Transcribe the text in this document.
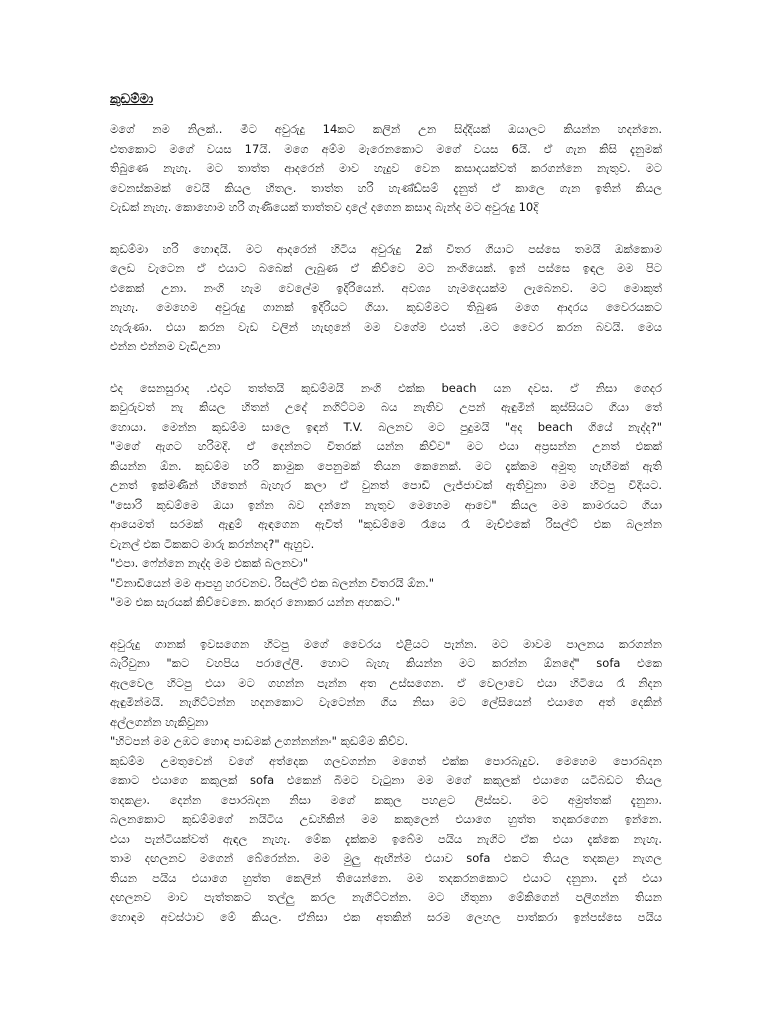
කුඩම්මා
මගේ නම නිලක්.. මීට අවුරුදු 14කට කලින් උන සිද්දියක් ඔයාලට කියන්න හදන්නෙ.
එතකොට මගේ වයස 17යි. මගෙ අම්ම මැරෙනකොට මගේ වයස 6යි. ඒ ගැන කිසි දැනුමක්
තිබුණෙ නැහැ. මට තාත්ත ආදරෙන් මාව හැදුව වෙන කසාදයක්වත් කරගන්නෙ නැතුව. මට
වෙනස්කමක් වෙයි කියල හිතල. තාත්ත හරි හැණ්ඩ්සම් දැනුත් ඒ කාලෙ ගැන ඉතින් කියල
වැඩක් නැහැ. කොහොම හරි ගෑණියෙක් තාත්තව දාලේ දගෙන කසාද බැන්ද මට අවුරුදු 10දි
කුඩම්මා හරි හොඳයි. මට ආදරෙන් හිටිය අවුරුදු 2ක් විතර ගියාට පස්සෙ තමයි ඔක්කොම
ලෙඩ වැටෙන ඒ එයාට බබෙක් ලැබුණ ඒ කිව්වෙ මට නංගියෙක්. ඉන් පස්සෙ ඉඳල මම පිට
එකෙක් උනා. නංගි හැම වෙලේම ඉදිරියෙන්. අවශ්‍ය හැමදෙයක්ම ලැබෙනව. මට මොකුත්
නැහැ. මෙහෙම අවුරුදු ගානක් ඉදිරියට ගියා. කුඩම්මට තිබුණ මගෙ ආදරය වෛරයකට
හැරුණා. එයා කරන වැඩ වලින් හැඟුනේ මම වගේම එයත් .මට වෛර කරන බවයි. මෙය
එන්න එන්නම වැඩිඋනා
එද සෙනසුරාද .එදාට තත්තයි කුඩම්මයි නංගි එක්ක beach යන දවස. ඒ නිසා ගෙදර
කවුරුවත් නැ කියල හිතන් උදේ නගිට්ටම බය නැතිව උපන් ඇඳුමින් කුස්සියට ගියා තේ
හොයා. මෙන්න කුඩම්ම සාලෙ ඉඳන් T.V. බලනව මට පුදුමයි "අද beach ගියේ නැද්ද?"
"මගේ ඇගට හරිමදි. ඒ දෙන්නට විතරක් යන්න කිව්ව" මට එයා අප්‍රසන්න උනත් එකක්
කියන්න ඕන. කුඩම්ම හරි කාමුක පෙනුමක් තියන කෙනෙක්. මට දැක්කම අමුතු හැඟීමක් ඇති
උනත් ඉක්මණින් හිතෙන් බැහැර කලා ඒ වුනත් පොඩි ලැජ්ජාවක් ඇතිවුනා මම හිටපු විදියට.
"සොරි කුඩම්මෙ ඔයා ඉන්න බව දන්නෙ නැතුව මෙහෙම ආවෙ" කියල මම කාමරයට ගියා
ආයෙමත් සරමක් ඇඳුම් ඇඳගෙන ඇවිත් "කුඩම්මෙ රෑයෙ රෑ මැච්එකේ රිසල්ට් එක බලන්න
චැනල් එක ටිකකට මාරු කරන්නද?" ඇහුව.
"එපා. ෆේන්නෙ නැද්ද මම එකක් බලනවා"
"විනාඩියෙන් මම ආපහු හරවනව. රිසල්ට් එක බලන්න විතරයි ඕන."
"මම එක සැරයක් කිව්වෙනෙ. කරදර නොකර යන්න අහකට."
අවුරුදු ගානක් ඉවසගෙන හිටපු මගේ වෛරය එළියට පැන්න. මට මාවම පාලනය කරගන්න
බැරිවුනා "කට වහපිය පරාලේලි. හොට බැහැ කියන්න මට කරන්න ඕනදේ" sofa එකෙ
ඇලවෙල හිටපු එයා මට ගහන්න පැන්න අත උස්සගෙන. ඒ වෙලාවෙ එයා හිටියෙ රෑ නිදන
ඇඳුමින්මයි. නැගිට්ටන්න හදනකොට වැටෙන්න ගිය නිසා මට ලේසියෙන් එයාගෙ අත් දෙකින්
අල්ලගන්න හැකිවුනා
"හිටපන් මම උඹට හොඳ පාඩමක් උගන්නන්නං" කුඩම්ම කිව්ව.
කුඩම්ම උමතුවෙන් වගේ අත්දෙක ගලවගන්න මගෙත් එක්ක පොරබැදුව. මෙහෙම පොරබදන
කොට එයාගෙ කකුලක් sofa එකෙන් බිමට වැටුනා මම මගේ කකුලක් එයාගෙ යටිබඩට තියල
තදකළා. දෙන්න පොරබදන නිසා මගේ කකුල පහළට ලිස්සව. මට අමුත්තක් දැනුනා.
බලනකොට කුඩම්මගේ නයිටිය උඩහිකින් මම කකුලෙන් එයාගෙ හුත්ත තදකරගෙන ඉන්නෙ.
එයා පැන්ටියක්වත් ඇඳල නැහැ. මේක දැක්කම ඉබේම පයිය නැගිට ඒක එයා දැක්කෙ නැහැ.
තාම දඟලනව මගෙන් බේරෙන්න. මම මුලු ඇඟින්ම එයාව sofa එකට තියල තදකළා නැගල
තියන පයිය එයාගෙ හුත්ත කෙලින් තියෙන්නෙ. මම තදකරනකොට එයාට දනුනා. දැන් එයා
දඟලනව මාව පැත්තකට තල්ලු කරල නැගිට්ටන්න. මට හිතුනා මේකිගෙන් පලිගන්න තියන
හොඳම අවස්ථාව මේ කියල. ඒනිසා එක අතකින් සරම ලෙහල පාත්කරා ඉන්පස්සෙ පයිය
